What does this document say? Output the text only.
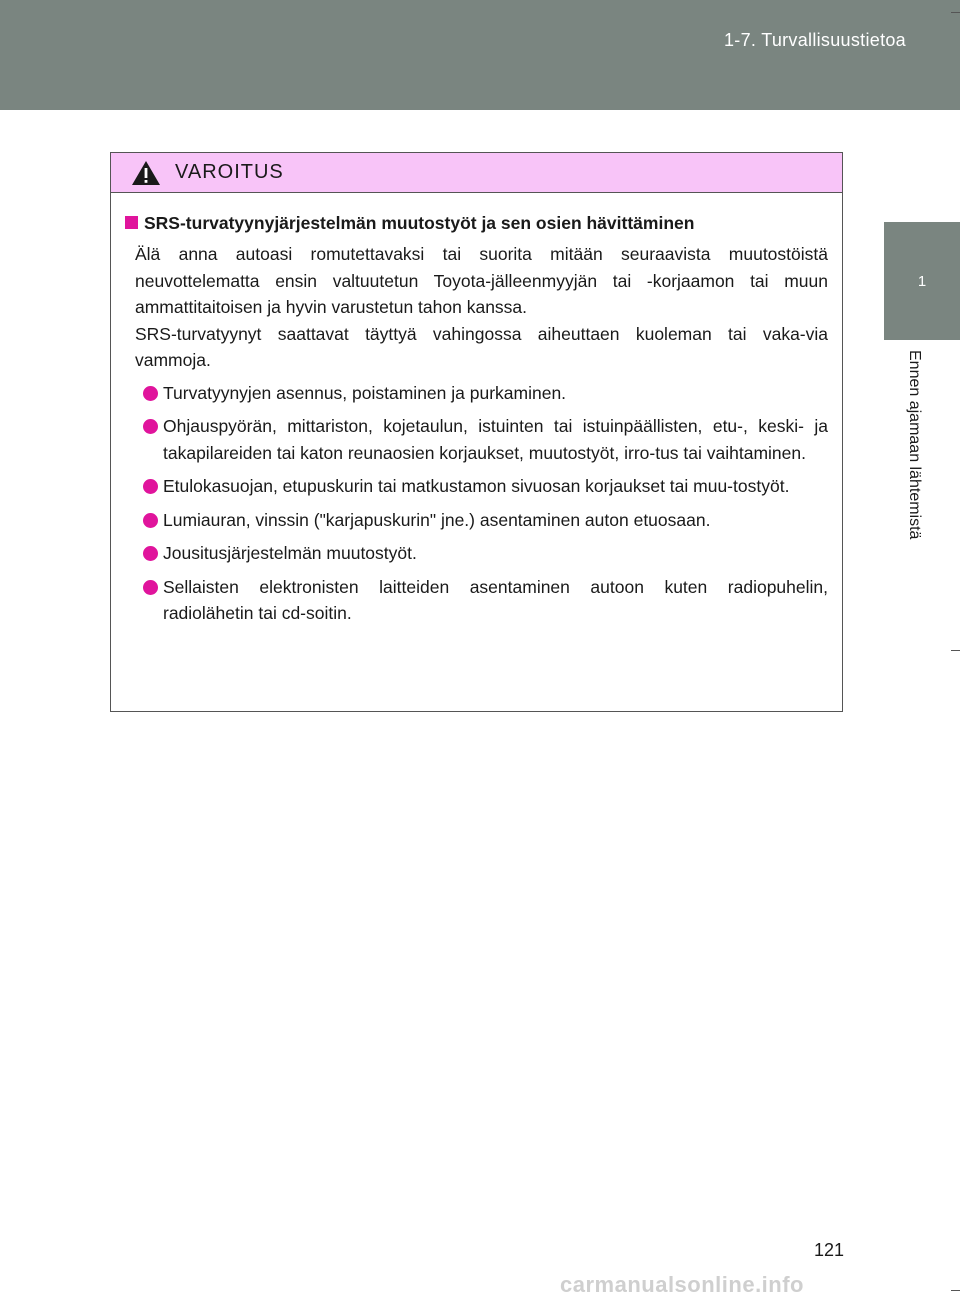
1-7. Turvallisuustietoa
1
Ennen ajamaan lähtemistä
VAROITUS
SRS-turvatyynyjärjestelmän muutostyöt ja sen osien hävittäminen

Älä anna autoasi romutettavaksi tai suorita mitään seuraavista muutostöistä neuvottelematta ensin valtuutetun Toyota-jälleenmyyjän tai -korjaamon tai muun ammattitaitoisen ja hyvin varustetun tahon kanssa.

SRS-turvatyynyt saattavat täyttyä vahingossa aiheuttaen kuoleman tai vaka-via vammoja.

Turvatyynyjen asennus, poistaminen ja purkaminen.
Ohjauspyörän, mittariston, kojetaulun, istuinten tai istuinpäällisten, etu-, keski- ja takapilareiden tai katon reunaosien korjaukset, muutostyöt, irro-tus tai vaihtaminen.
Etulokasuojan, etupuskurin tai matkustamon sivuosan korjaukset tai muu-tostyöt.
Lumiauran, vinssin ("karjapuskurin" jne.) asentaminen auton etuosaan.
Jousitusjärjestelmän muutostyöt.
Sellaisten elektronisten laitteiden asentaminen autoon kuten radiopuhelin, radiolähetin tai cd-soitin.
121
carmanualsonline.info
